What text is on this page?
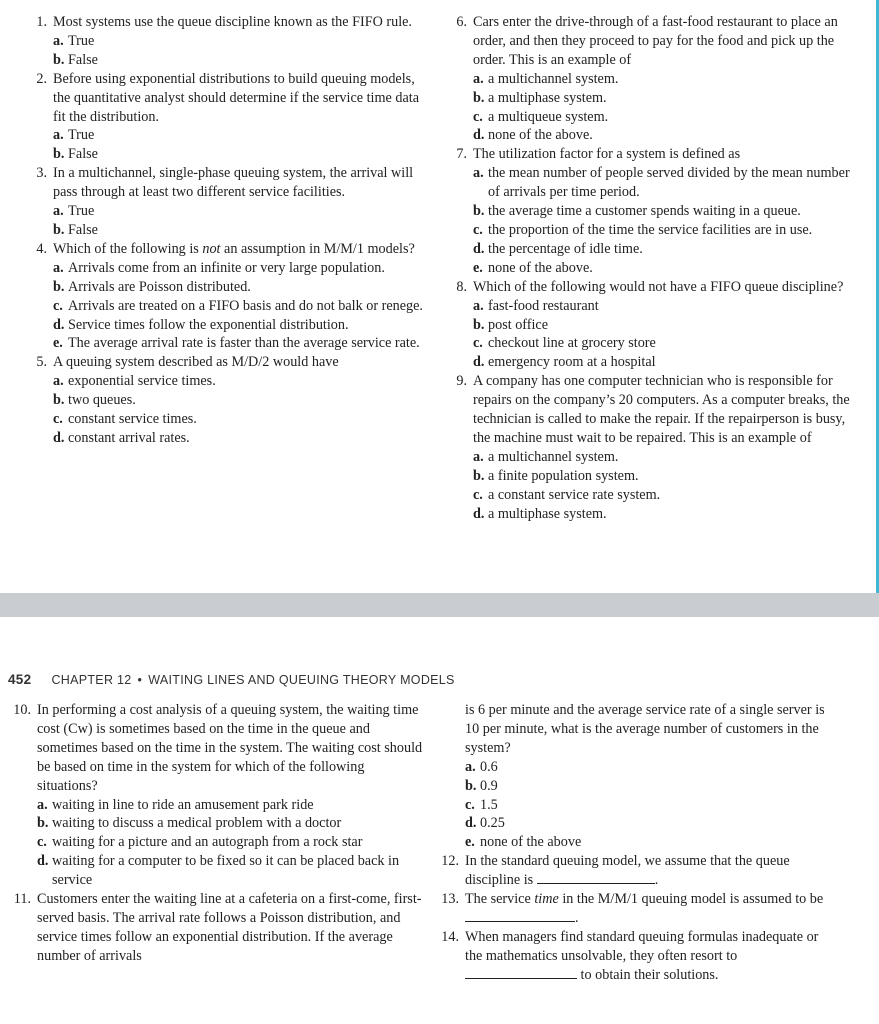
1. Most systems use the queue discipline known as the FIFO rule.
a. True
b. False
2. Before using exponential distributions to build queuing models, the quantitative analyst should determine if the service time data fit the distribution.
a. True
b. False
3. In a multichannel, single-phase queuing system, the arrival will pass through at least two different service facilities.
a. True
b. False
4. Which of the following is not an assumption in M/M/1 models?
a. Arrivals come from an infinite or very large population.
b. Arrivals are Poisson distributed.
c. Arrivals are treated on a FIFO basis and do not balk or renege.
d. Service times follow the exponential distribution.
e. The average arrival rate is faster than the average service rate.
5. A queuing system described as M/D/2 would have
a. exponential service times.
b. two queues.
c. constant service times.
d. constant arrival rates.
6. Cars enter the drive-through of a fast-food restaurant to place an order, and then they proceed to pay for the food and pick up the order. This is an example of
a. a multichannel system.
b. a multiphase system.
c. a multiqueue system.
d. none of the above.
7. The utilization factor for a system is defined as
a. the mean number of people served divided by the mean number of arrivals per time period.
b. the average time a customer spends waiting in a queue.
c. the proportion of the time the service facilities are in use.
d. the percentage of idle time.
e. none of the above.
8. Which of the following would not have a FIFO queue discipline?
a. fast-food restaurant
b. post office
c. checkout line at grocery store
d. emergency room at a hospital
9. A company has one computer technician who is responsible for repairs on the company’s 20 computers. As a computer breaks, the technician is called to make the repair. If the repairperson is busy, the machine must wait to be repaired. This is an example of
a. a multichannel system.
b. a finite population system.
c. a constant service rate system.
d. a multiphase system.
452 CHAPTER 12 • WAITING LINES AND QUEUING THEORY MODELS
10. In performing a cost analysis of a queuing system, the waiting time cost (Cw) is sometimes based on the time in the queue and sometimes based on the time in the system. The waiting cost should be based on time in the system for which of the following situations?
a. waiting in line to ride an amusement park ride
b. waiting to discuss a medical problem with a doctor
c. waiting for a picture and an autograph from a rock star
d. waiting for a computer to be fixed so it can be placed back in service
11. Customers enter the waiting line at a cafeteria on a first-come, first-served basis. The arrival rate follows a Poisson distribution, and service times follow an exponential distribution. If the average number of arrivals
is 6 per minute and the average service rate of a single server is 10 per minute, what is the average number of customers in the system?
a. 0.6
b. 0.9
c. 1.5
d. 0.25
e. none of the above
12. In the standard queuing model, we assume that the queue discipline is	.
13. The service time in the M/M/1 queuing model is assumed to be .
14. When managers find standard queuing formulas inadequate or the mathematics unsolvable, they often resort to  to obtain their solutions.
